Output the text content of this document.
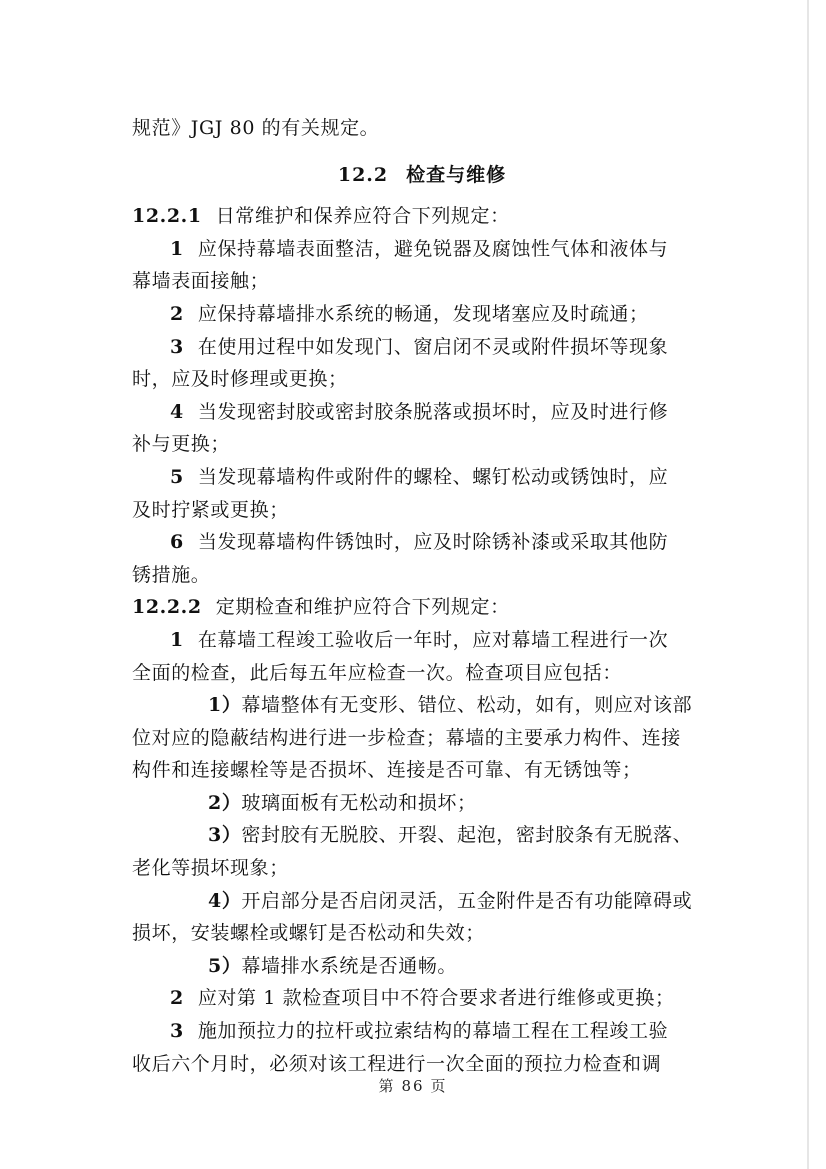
规范》JGJ 80 的有关规定。
12.2 检查与维修
12.2.1 日常维护和保养应符合下列规定：
1 应保持幕墙表面整洁，避免锐器及腐蚀性气体和液体与
幕墙表面接触；
2 应保持幕墙排水系统的畅通，发现堵塞应及时疏通；
3 在使用过程中如发现门、窗启闭不灵或附件损坏等现象
时，应及时修理或更换；
4 当发现密封胶或密封胶条脱落或损坏时，应及时进行修
补与更换；
5 当发现幕墙构件或附件的螺栓、螺钉松动或锈蚀时，应
及时拧紧或更换；
6 当发现幕墙构件锈蚀时，应及时除锈补漆或采取其他防
锈措施。
12.2.2 定期检查和维护应符合下列规定：
1 在幕墙工程竣工验收后一年时，应对幕墙工程进行一次
全面的检查，此后每五年应检查一次。检查项目应包括：
1）幕墙整体有无变形、错位、松动，如有，则应对该部
位对应的隐蔽结构进行进一步检查；幕墙的主要承力构件、连接
构件和连接螺栓等是否损坏、连接是否可靠、有无锈蚀等；
2）玻璃面板有无松动和损坏；
3）密封胶有无脱胶、开裂、起泡，密封胶条有无脱落、
老化等损坏现象；
4）开启部分是否启闭灵活，五金附件是否有功能障碍或
损坏，安装螺栓或螺钉是否松动和失效；
5）幕墙排水系统是否通畅。
2 应对第 1 款检查项目中不符合要求者进行维修或更换；
3 施加预拉力的拉杆或拉索结构的幕墙工程在工程竣工验
收后六个月时，必须对该工程进行一次全面的预拉力检查和调
第 86 页
